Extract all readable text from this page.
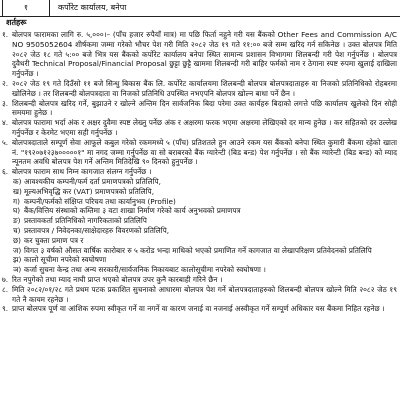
१	कर्पोरेट कार्यालय, बनेपा
शर्तहरू
१. बोलपत्र फारामका लागि रु. ५,०००।– (पाँच हजार रुपैयाँ मात्र) मा पछि फिर्ता नहुने गरी यस बैंकको Other Fees and Commission A/C NO 9505052604 शीर्षकमा जम्मा गरेको भौचर पेश गरी मिति २०८२ जेठ १९ गते ११:०० बजे सम्म खरिद गर्न सकिनेछ । उक्त बोलपत्र मिति २०८२ जेठ १८ गते ५:०० बजे भित्र यस बैंकको कर्पोरेट कार्यालय बनेपा स्थित सामान्य प्रशासन विभागमा शिलबन्दी गरी पेश गर्नुपर्नेछ । बोलपत्र दुवैथरी Technical Proposal/Financial Proposal छुट्टा छुट्टै खाममा शिलबन्दी गरी बाहिर फर्मको नाम र ठेगाना स्पष्ट रुपमा खुलाई दाखिला गर्नुपर्नेछ ।
२. २०८२ जेठ १९ गते दिउँसो ११ बजे सिन्धु बिकास बैंक लि. कर्पोरेट कार्यालयमा शिलबन्दी बोलपत्र बोलपत्रदाताहरु वा निजको प्रतिनिधिको रोहबरमा खोलिनेछ । तर शिलबन्दी बोलपत्रदाता वा निजको प्रतिनिधि उपस्थित नभएपनि बोलपत्र खोल्न बाधा पर्ने छैन ।
३. शिलबन्दी बोलपत्र खरिद गर्ने, बुझाउने र खोल्ने अन्तिम दिन सार्वजनिक बिदा परेमा उक्त कार्यहरु बिदाको लगत्ते पछि कार्यालय खुलेको दिन सोही समयमा हुनेछ ।
४. बोलपत्र फारामा भर्दा अंक र अक्षर दुवैमा स्पष्ट लेख्नु पर्नेछ अंक र अक्षरमा फरक भएमा अक्षरमा लेखिएको दर मान्य हुनेछ । कर सहितको दर उल्लेख गर्नुपर्नेछ र केरमेट भएमा सही गर्नुपर्नेछ ।
५. बोलपत्रदाताले सम्पूर्ण सेवा आफूले कबुल गरेको रकममध्ये ५ (पाँच) प्रतिशतले हुन आउने रकम यस बैंकको बनेपा स्थित कुमारी बैंकमा रहेको खाता नं. "१९२०७१२३७०००००१" मा नगद जम्मा गर्नुपर्नेछ वा सो बराबरको बैंक ग्यारेन्टी (बिड बन्ड) पेश गर्नुपर्नेछ । सो बैंक ग्यारेन्टी (बिड बन्ड) को म्याद न्यूनतम अवधि बोलपत्र पेश गर्ने अन्तिम मितिदेखि ९० दिनको हुनुपर्नेछ ।
६. बोलपत्र फाराम साथ निम्न कागजात संलग्न गर्नुपर्नेछ ।
क) आवश्यकीय कम्पनी/फर्म दर्ता प्रमाणपत्रको प्रतिलिपि,
ख) मूल्यअभिवृद्धि कर (VAT) प्रमाणपत्रको प्रतिलिपि,
ग) कम्पनी/फर्मको संक्षिप्त परिचय तथा कार्यानुभव (Profile)
घ) बैंक/वित्तिय संस्थाको कम्तिमा ३ वटा शाखा निर्माण गरेको कार्य अनुभवको प्रमाणपत्र
ङ) प्रस्तावकर्ता प्रतिनिधिको नागरिकताको प्रतिलिपि
च) प्रस्तावपत्र / निवेदनका/साक्षेदारहरु विवरणको प्रतिलिपि,
छ) कर चुक्ता प्रमाण पत्र र
ज) विगत ३ वर्षको औसत वार्षिक कारोबार रु ५ करोड भन्दा माथिको भएको प्रमाणित गर्ने कागजात वा लेखापरिक्षण प्रतिवेदनको प्रतिलिपि
झ) कालो सूचीमा नपरेको स्वघोषणा
ञ) कर्जा सुचना केन्द्र तथा अन्य सरकारी/सार्वजनिक निकायबाट कालोसूचीमा नपरेको स्वघोषणा ।
७. रित नपुगेको तथा म्याद नाघी प्राप्त भएको बोलपत्र उपर कुनै कारबाही गरिने छैन ।
८. मिति २०८२/०१/२८ गते प्रथम पटक प्रकाशित सुचनाको आधारमा बोलपत्र पेश गर्ने बोलपत्रदाताहरुको शिलबन्दी बोलपत्र खोल्ने मिति २०८२ जेठ १९ गते नै कायम रहनेछ ।
९. प्राप्त बोलपत्र पूर्ण वा आंशिक रुपमा स्वीकृत गर्ने वा नगर्ने वा कारण जनाई वा नजनाई अस्वीकृत गर्ने सम्पूर्ण अधिकार यस बैंकमा निहित रहनेछ ।
